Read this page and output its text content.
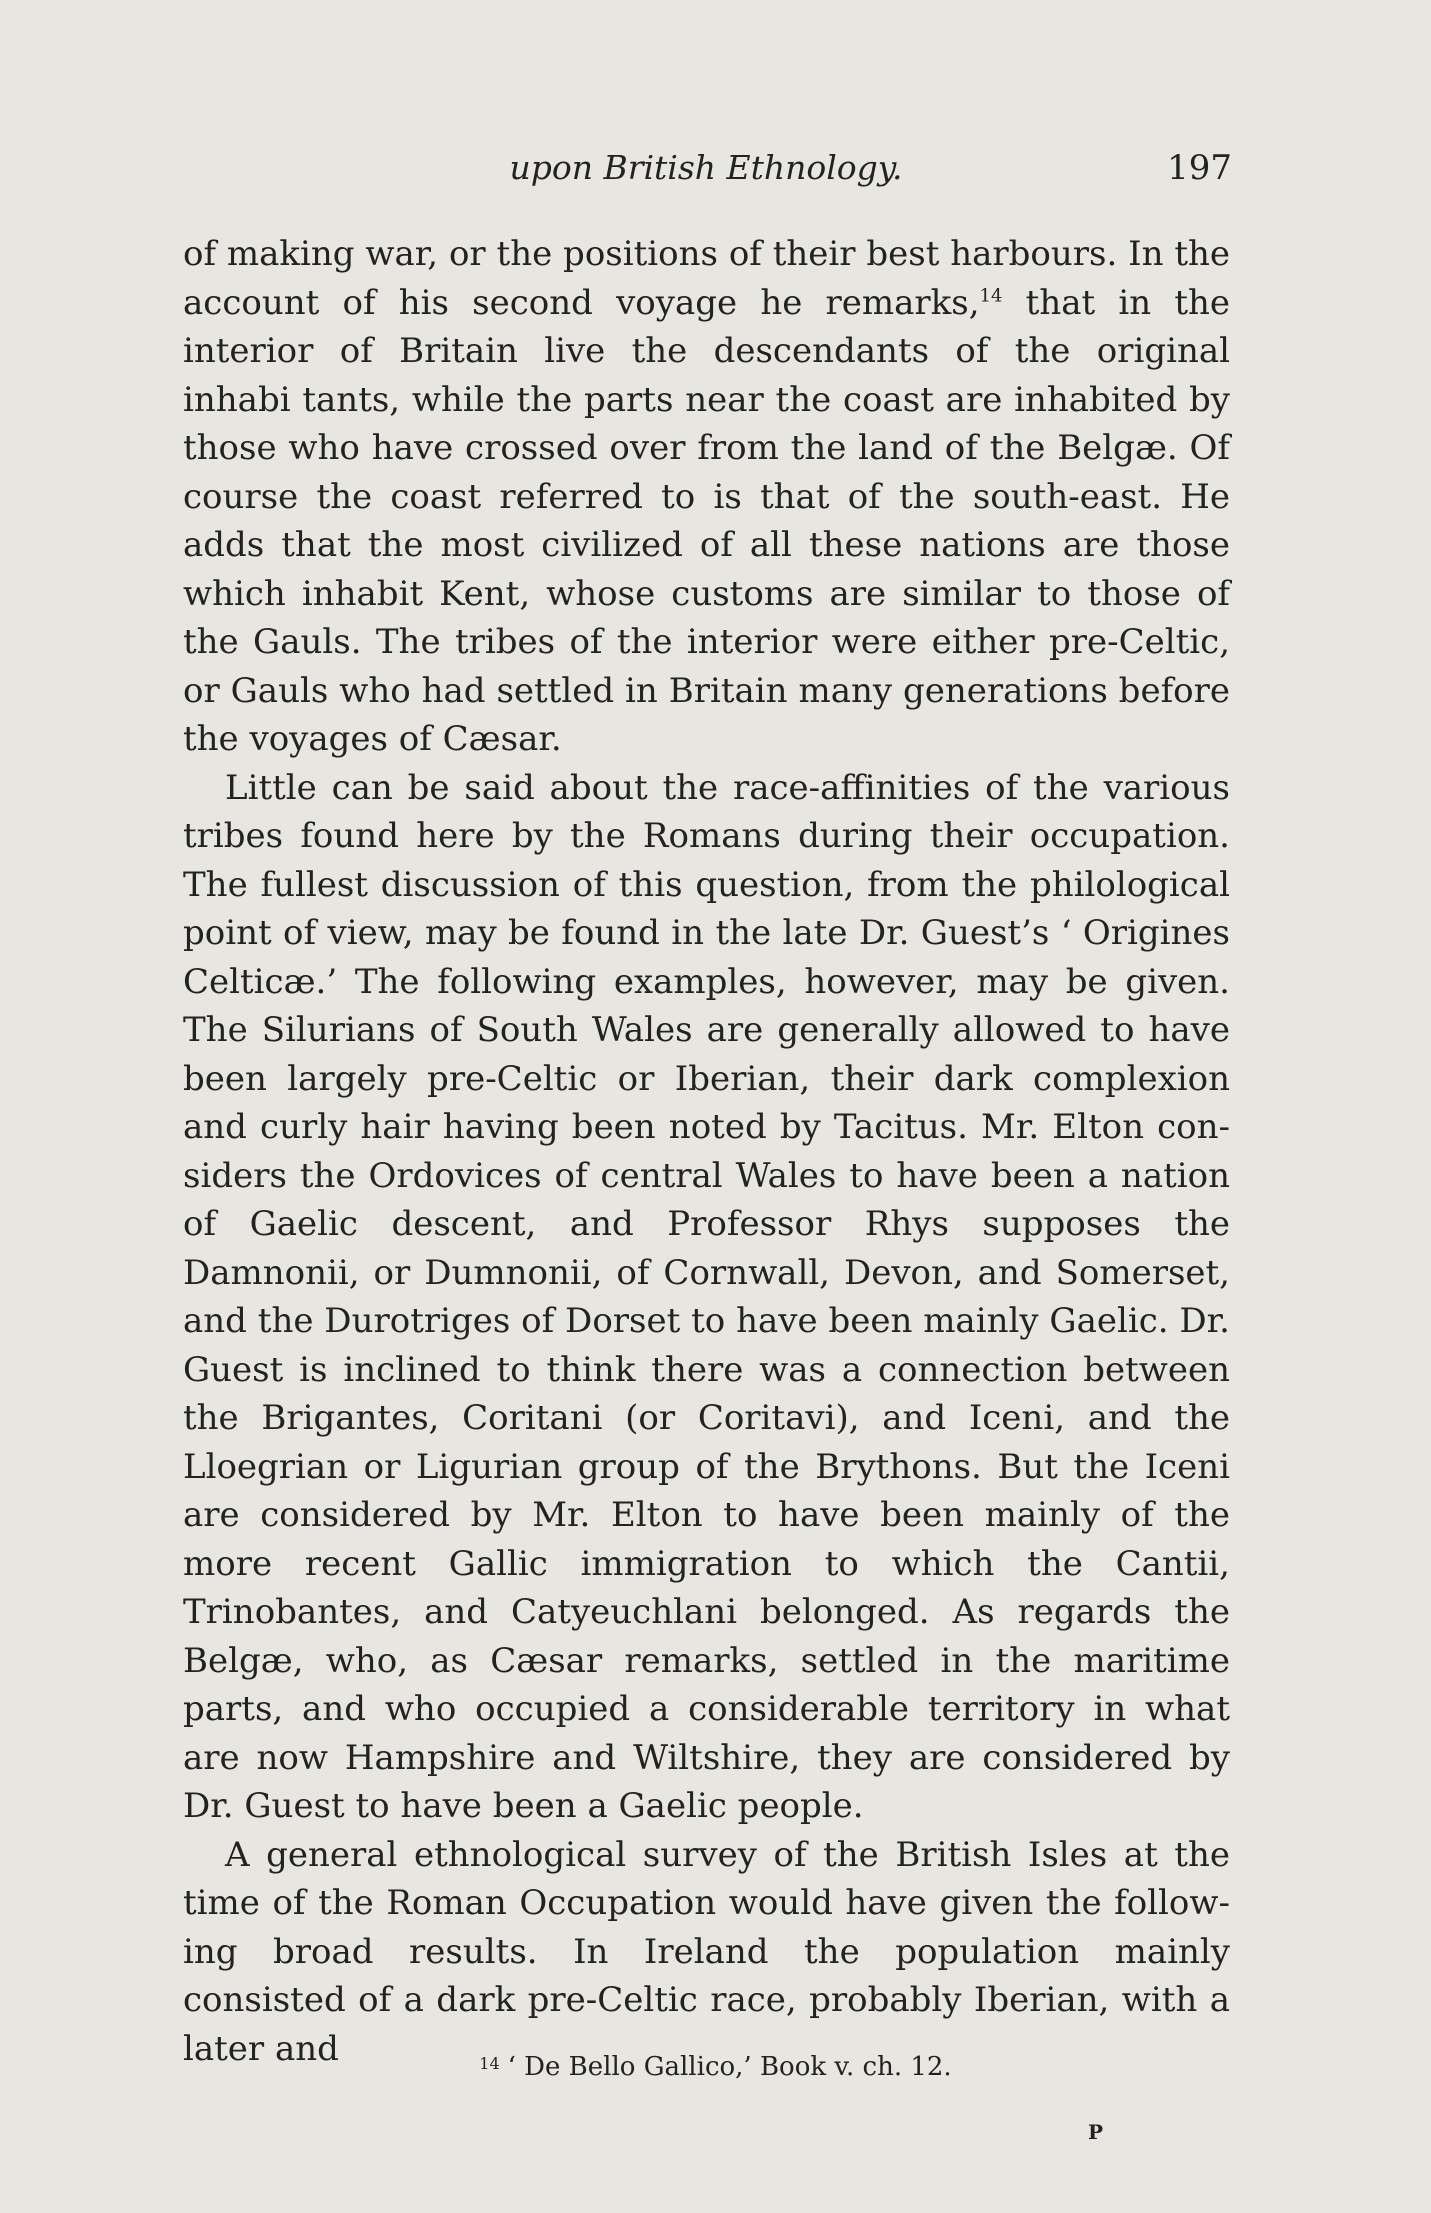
upon British Ethnology.	197

of making war, or the positions of their best harbours. In the account of his second voyage he remarks,$^{14}$ that in the interior of Britain live the descendants of the original inhabi tants, while the parts near the coast are inhabited by those who have crossed over from the land of the Belgæ. Of course the coast referred to is that of the south-east. He adds that the most civilized of all these nations are those which inhabit Kent, whose customs are similar to those of the Gauls. The tribes of the interior were either pre-Celtic, or Gauls who had settled in Britain many generations before the voyages of Cæsar.

Little can be said about the race-affinities of the various tribes found here by the Romans during their occupation. The fullest discussion of this question, from the philological point of view, may be found in the late Dr. Guest’s ‘ Origines Celticæ.’ The following examples, however, may be given. The Silurians of South Wales are generally allowed to have been largely pre-Celtic or Iberian, their dark complexion and curly hair having been noted by Tacitus. Mr. Elton considers the Ordovices of central Wales to have been a nation of Gaelic descent, and Professor Rhys supposes the Damnonii, or Dumnonii, of Cornwall, Devon, and Somerset, and the Durotriges of Dorset to have been mainly Gaelic. Dr. Guest is inclined to think there was a connection between the Brigantes, Coritani (or Coritavi), and Iceni, and the Lloegrian or Ligurian group of the Brythons. But the Iceni are considered by Mr. Elton to have been mainly of the more recent Gallic immigration to which the Cantii, Trinobantes, and Catyeuchlani belonged. As regards the Belgæ, who, as Cæsar remarks, settled in the maritime parts, and who occupied a considerable territory in what are now Hampshire and Wiltshire, they are considered by Dr. Guest to have been a Gaelic people.

A general ethnological survey of the British Isles at the time of the Roman Occupation would have given the following broad results. In Ireland the population mainly consisted of a dark pre-Celtic race, probably Iberian, with a later and	$^{14}$ ‘ De Bello Gallico,’ Book v. ch. 12.
P
